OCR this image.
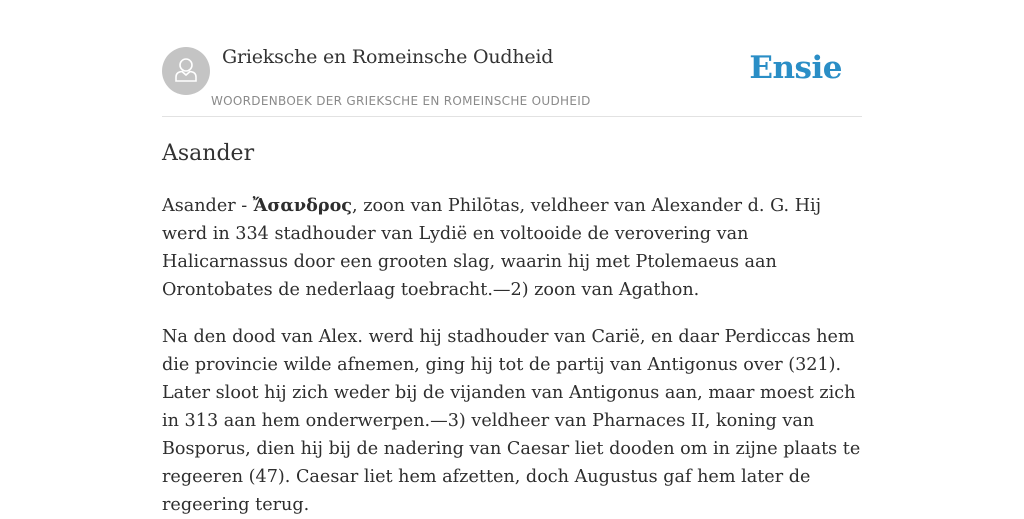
Grieksche en Romeinsche Oudheid
WOORDENBOEK DER GRIEKSCHE EN ROMEINSCHE OUDHEID
Ensie
Asander

Asander - Ἄσανδρος, zoon van Philōtas, veldheer van Alexander d. G. Hij werd in 334 stadhouder van Lydië en voltooide de verovering van Halicarnassus door een grooten slag, waarin hij met Ptolemaeus aan Orontobates de nederlaag toebracht.—2) zoon van Agathon.

Na den dood van Alex. werd hij stadhouder van Carië, en daar Perdiccas hem die provincie wilde afnemen, ging hij tot de partij van Antigonus over (321). Later sloot hij zich weder bij de vijanden van Antigonus aan, maar moest zich in 313 aan hem onderwerpen.—3) veldheer van Pharnaces II, koning van Bosporus, dien hij bij de nadering van Caesar liet dooden om in zijne plaats te regeeren (47). Caesar liet hem afzetten, doch Augustus gaf hem later de regeering terug.
